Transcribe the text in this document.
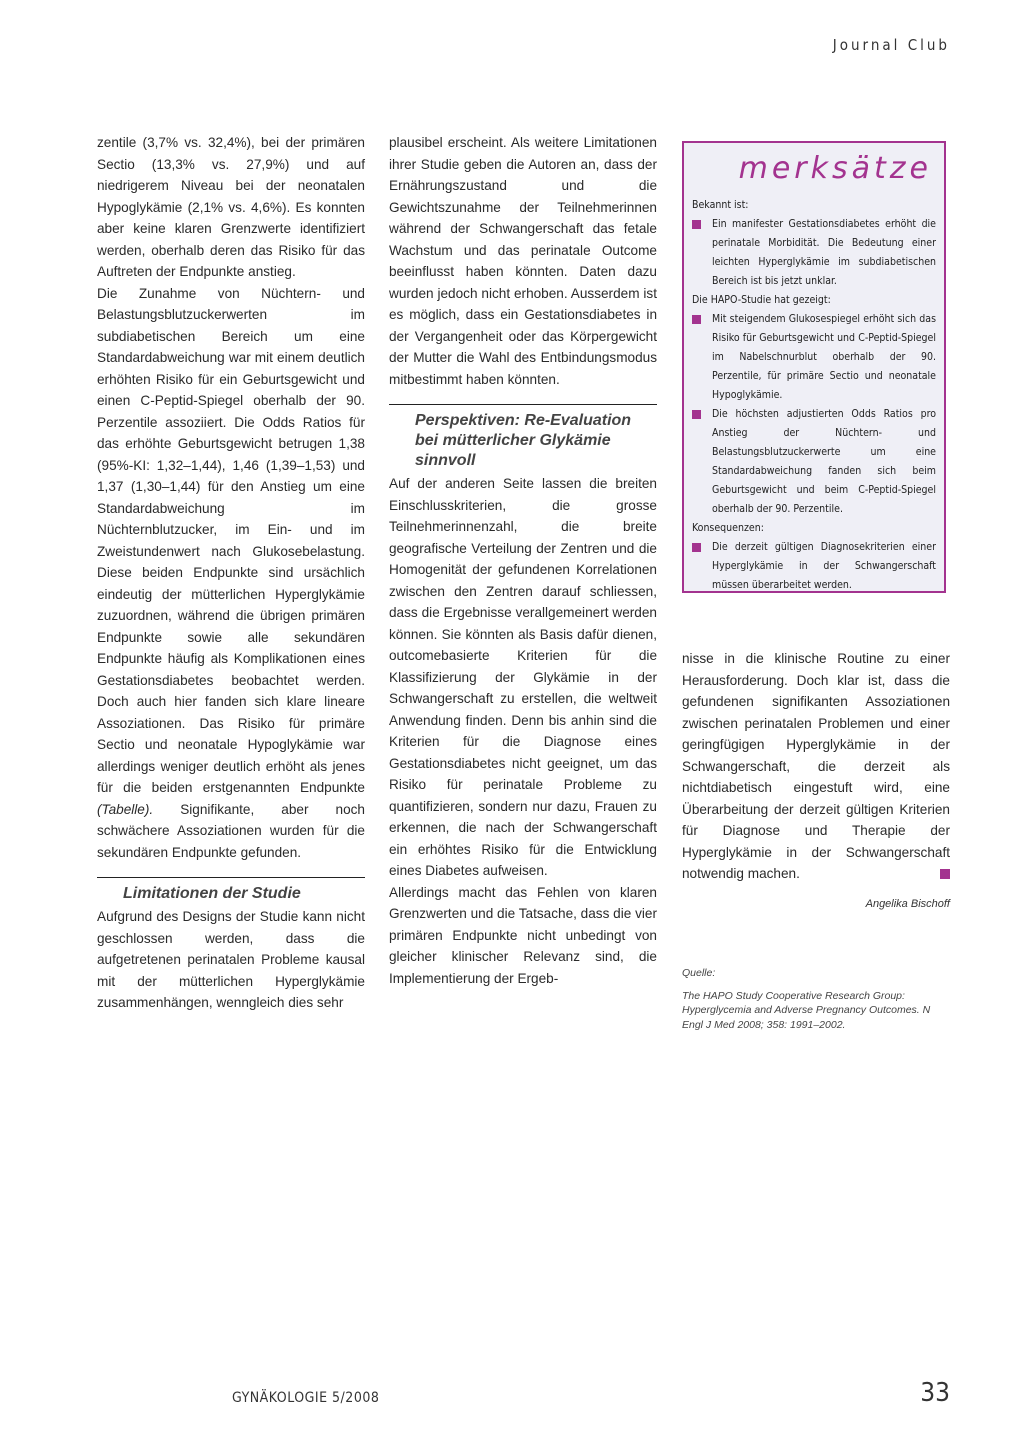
Journal Club

zentile (3,7% vs. 32,4%), bei der primären Sectio (13,3% vs. 27,9%) und auf niedrigerem Niveau bei der neonatalen Hypoglykämie (2,1% vs. 4,6%). Es konnten aber keine klaren Grenzwerte identifiziert werden, oberhalb deren das Risiko für das Auftreten der Endpunkte anstieg.

Die Zunahme von Nüchtern- und Belastungsblutzuckerwerten im subdiabetischen Bereich um eine Standardabweichung war mit einem deutlich erhöhten Risiko für ein Geburtsgewicht und einen C-Peptid-Spiegel oberhalb der 90. Perzentile assoziiert. Die Odds Ratios für das erhöhte Geburtsgewicht betrugen 1,38 (95%-KI: 1,32–1,44), 1,46 (1,39–1,53) und 1,37 (1,30–1,44) für den Anstieg um eine Standardabweichung im Nüchternblutzucker, im Ein- und im Zweistundenwert nach Glukosebelastung. Diese beiden Endpunkte sind ursächlich eindeutig der mütterlichen Hyperglykämie zuzuordnen, während die übrigen primären Endpunkte sowie alle sekundären Endpunkte häufig als Komplikationen eines Gestationsdiabetes beobachtet werden. Doch auch hier fanden sich klare lineare Assoziationen. Das Risiko für primäre Sectio und neonatale Hypoglykämie war allerdings weniger deutlich erhöht als jenes für die beiden erstgenannten Endpunkte (Tabelle). Signifikante, aber noch schwächere Assoziationen wurden für die sekundären Endpunkte gefunden.

Limitationen der Studie

Aufgrund des Designs der Studie kann nicht geschlossen werden, dass die aufgetretenen perinatalen Probleme kausal mit der mütterlichen Hyperglykämie zusammenhängen, wenngleich dies sehr

plausibel erscheint. Als weitere Limitationen ihrer Studie geben die Autoren an, dass der Ernährungszustand und die Gewichtszunahme der Teilnehmerinnen während der Schwangerschaft das fetale Wachstum und das perinatale Outcome beeinflusst haben könnten. Daten dazu wurden jedoch nicht erhoben. Ausserdem ist es möglich, dass ein Gestationsdiabetes in der Vergangenheit oder das Körpergewicht der Mutter die Wahl des Entbindungsmodus mitbestimmt haben könnten.

Perspektiven: Re-Evaluation bei mütterlicher Glykämie sinnvoll

Auf der anderen Seite lassen die breiten Einschlusskriterien, die grosse Teilnehmerinnenzahl, die breite geografische Verteilung der Zentren und die Homogenität der gefundenen Korrelationen zwischen den Zentren darauf schliessen, dass die Ergebnisse verallgemeinert werden können. Sie könnten als Basis dafür dienen, outcomebasierte Kriterien für die Klassifizierung der Glykämie in der Schwangerschaft zu erstellen, die weltweit Anwendung finden. Denn bis anhin sind die Kriterien für die Diagnose eines Gestationsdiabetes nicht geeignet, um das Risiko für perinatale Probleme zu quantifizieren, sondern nur dazu, Frauen zu erkennen, die nach der Schwangerschaft ein erhöhtes Risiko für die Entwicklung eines Diabetes aufweisen.

Allerdings macht das Fehlen von klaren Grenzwerten und die Tatsache, dass die vier primären Endpunkte nicht unbedingt von gleicher klinischer Relevanz sind, die Implementierung der Ergeb-

merksätze

Bekannt ist:

Ein manifester Gestationsdiabetes erhöht die perinatale Morbidität. Die Bedeutung einer leichten Hyperglykämie im subdiabetischen Bereich ist bis jetzt unklar.

Die HAPO-Studie hat gezeigt:

Mit steigendem Glukosespiegel erhöht sich das Risiko für Geburtsgewicht und C-Peptid-Spiegel im Nabelschnurblut oberhalb der 90. Perzentile, für primäre Sectio und neonatale Hypoglykämie.

Die höchsten adjustierten Odds Ratios pro Anstieg der Nüchtern- und Belastungsblutzuckerwerte um eine Standardabweichung fanden sich beim Geburtsgewicht und beim C-Peptid-Spiegel oberhalb der 90. Perzentile.

Konsequenzen:

Die derzeit gültigen Diagnosekriterien einer Hyperglykämie in der Schwangerschaft müssen überarbeitet werden.

nisse in die klinische Routine zu einer Herausforderung. Doch klar ist, dass die gefundenen signifikanten Assoziationen zwischen perinatalen Problemen und einer geringfügigen Hyperglykämie in der Schwangerschaft, die derzeit als nichtdiabetisch eingestuft wird, eine Überarbeitung der derzeit gültigen Kriterien für Diagnose und Therapie der Hyperglykämie in der Schwangerschaft notwendig machen.

Angelika Bischoff
Quelle:
The HAPO Study Cooperative Research Group: Hyperglycemia and Adverse Pregnancy Outcomes. N Engl J Med 2008; 358: 1991–2002.
GYNÄKOLOGIE 5/2008	33
